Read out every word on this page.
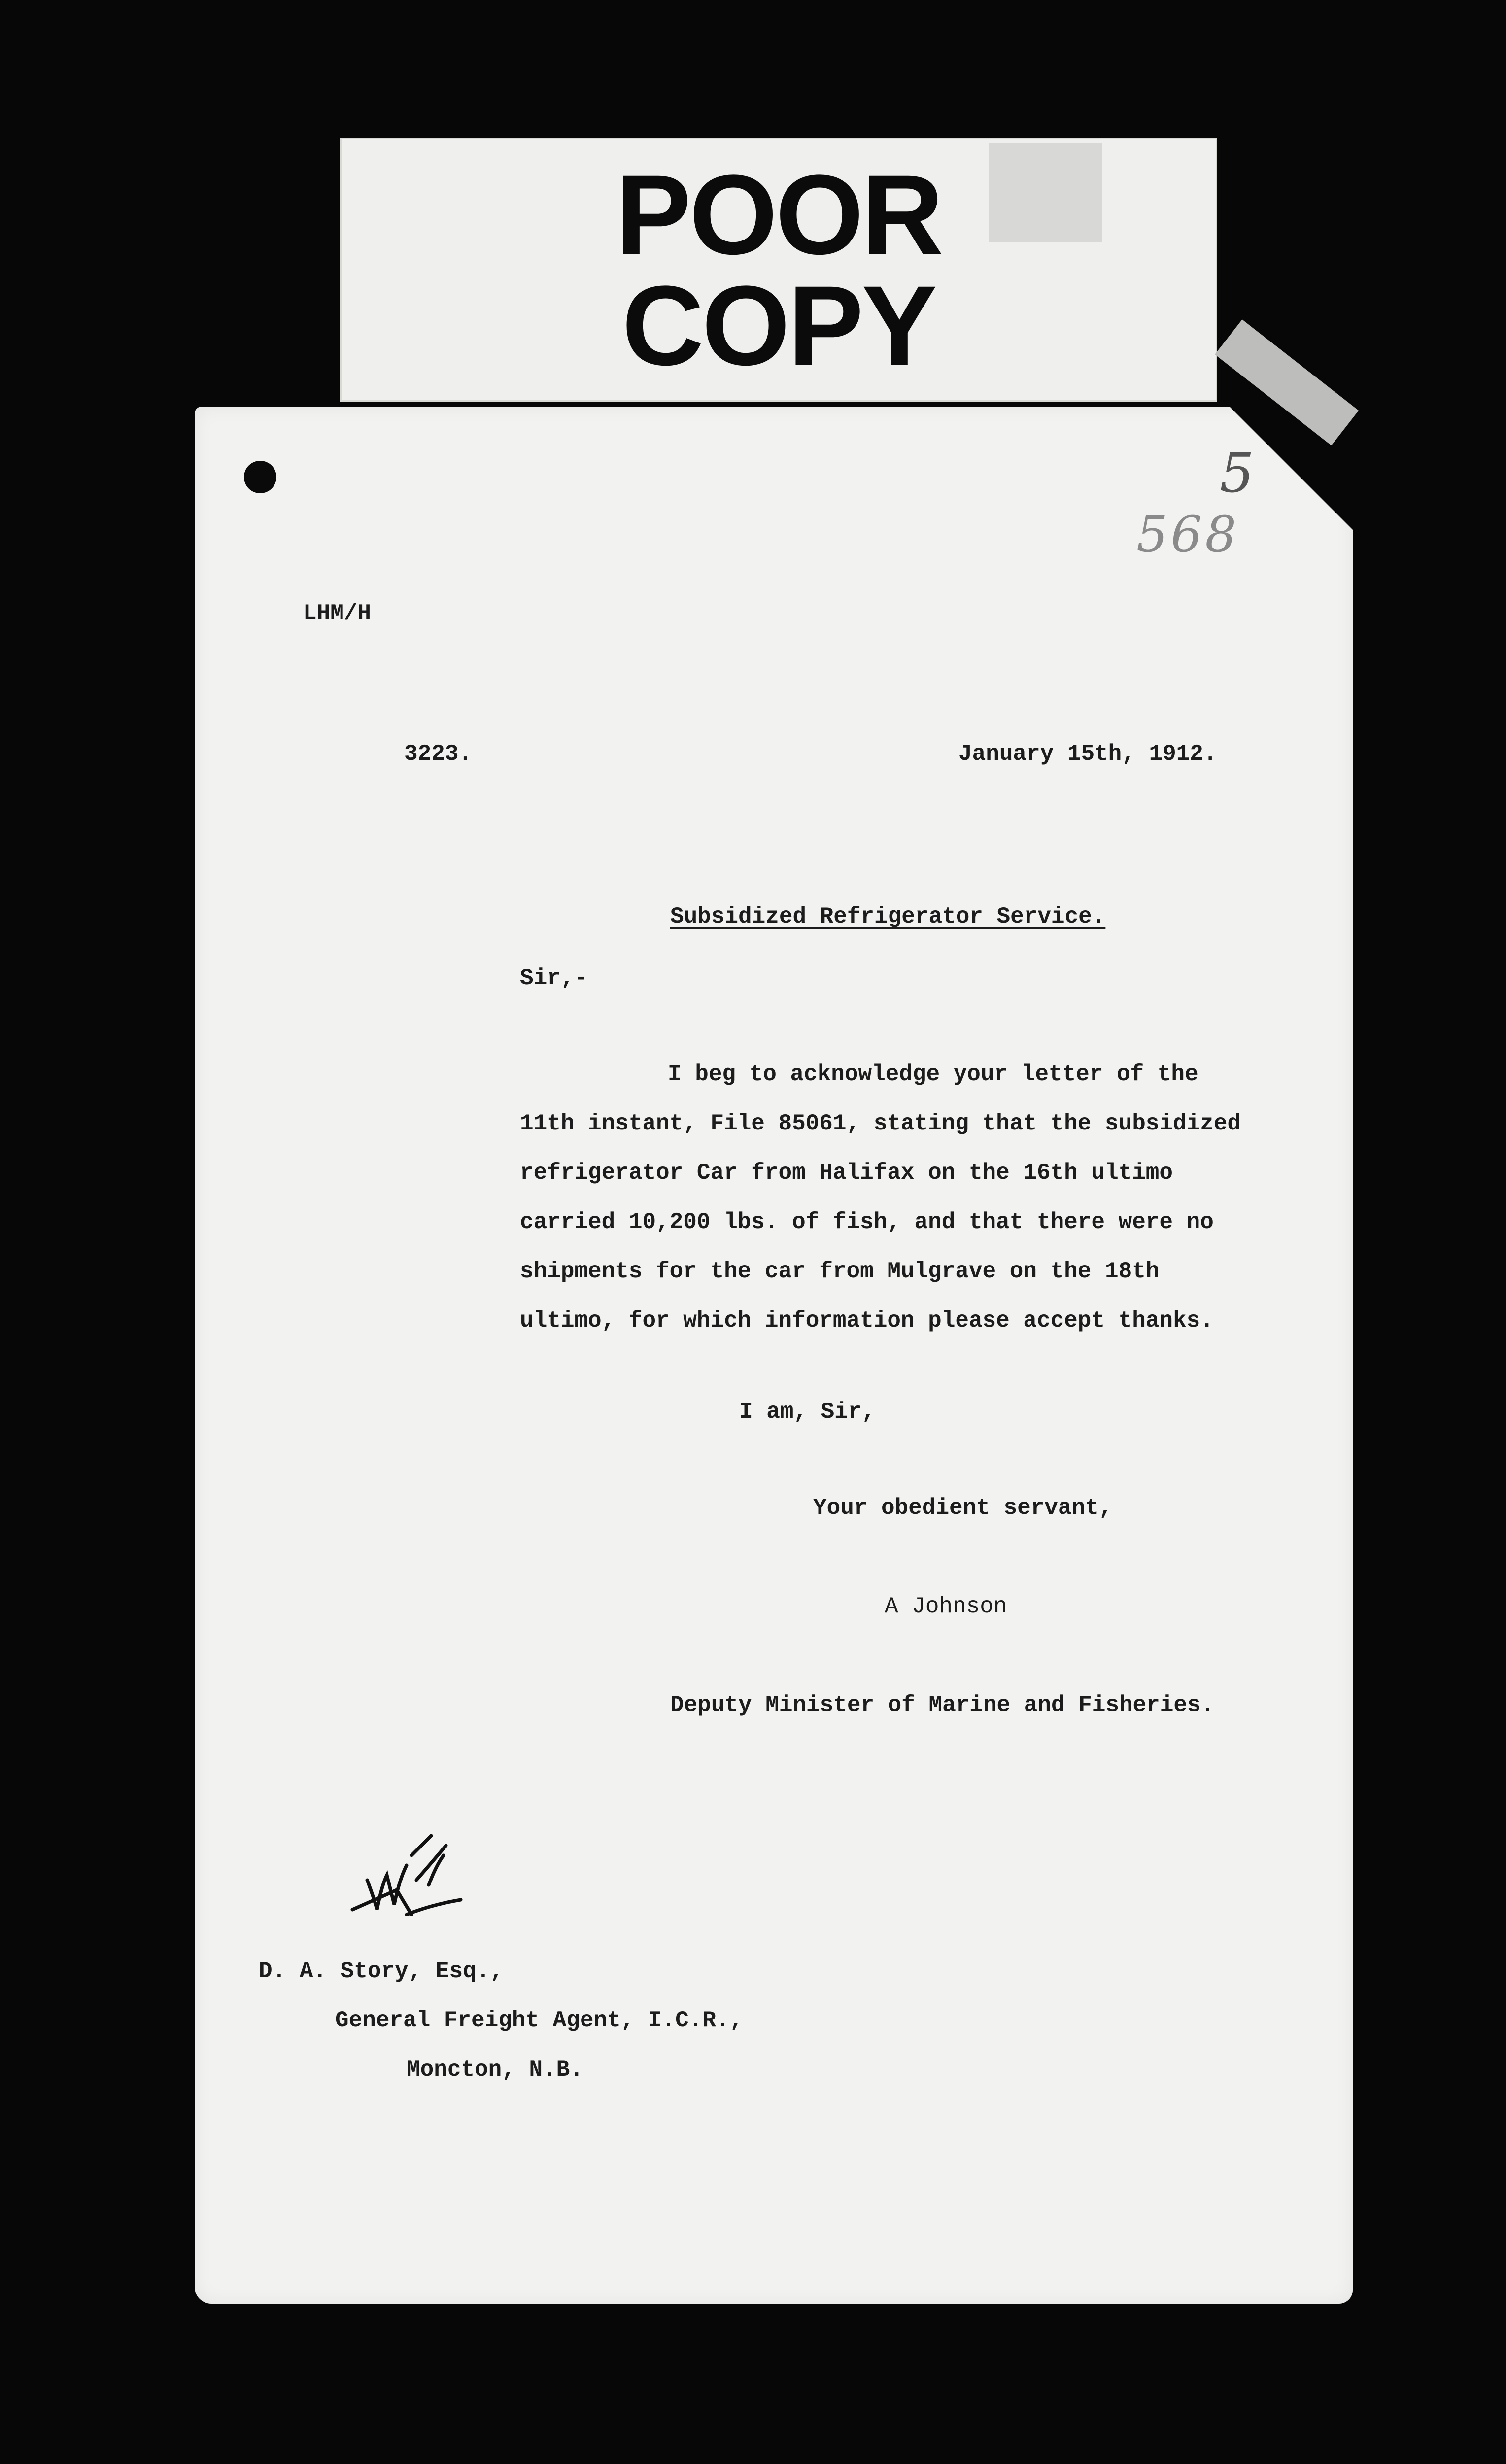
POOR
COPY
5
568
LHM/H
3223.	January 15th, 1912.
Subsidized Refrigerator Service.
Sir,-
I beg to acknowledge your letter of the
11th instant, File 85061, stating that the subsidized
refrigerator Car from Halifax on the 16th ultimo
carried 10,200 lbs. of fish, and that there were no
shipments for the car from Mulgrave on the 18th
ultimo, for which information please accept thanks.
I am, Sir,
Your obedient servant,
A Johnson
Deputy Minister of Marine and Fisheries.
D. A. Story, Esq.,
General Freight Agent, I.C.R.,
Moncton, N.B.
